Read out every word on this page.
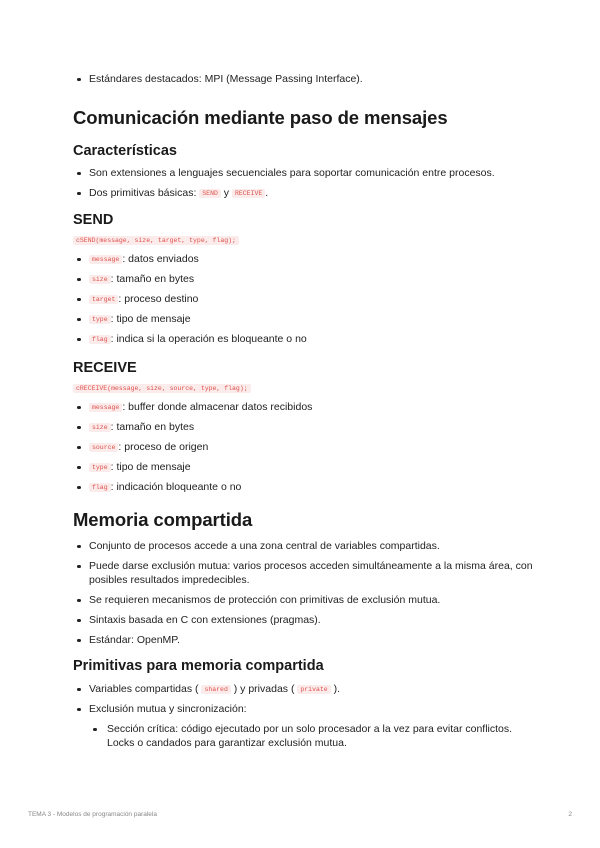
Estándares destacados: MPI (Message Passing Interface).
Comunicación mediante paso de mensajes
Características
Son extensiones a lenguajes secuenciales para soportar comunicación entre procesos.
Dos primitivas básicas: SEND y RECEIVE .
SEND
cSEND(message, size, target, type, flag);
message : datos enviados
size : tamaño en bytes
target : proceso destino
type : tipo de mensaje
flag : indica si la operación es bloqueante o no
RECEIVE
cRECEIVE(message, size, source, type, flag);
message : buffer donde almacenar datos recibidos
size : tamaño en bytes
source : proceso de origen
type : tipo de mensaje
flag : indicación bloqueante o no
Memoria compartida
Conjunto de procesos accede a una zona central de variables compartidas.
Puede darse exclusión mutua: varios procesos acceden simultáneamente a la misma área, con posibles resultados impredecibles.
Se requieren mecanismos de protección con primitivas de exclusión mutua.
Sintaxis basada en C con extensiones (pragmas).
Estándar: OpenMP.
Primitivas para memoria compartida
Variables compartidas ( shared ) y privadas ( private ).
Exclusión mutua y sincronización:
Sección crítica: código ejecutado por un solo procesador a la vez para evitar conflictos. Locks o candados para garantizar exclusión mutua.
TEMA 3 - Modelos de programación paralela	2
